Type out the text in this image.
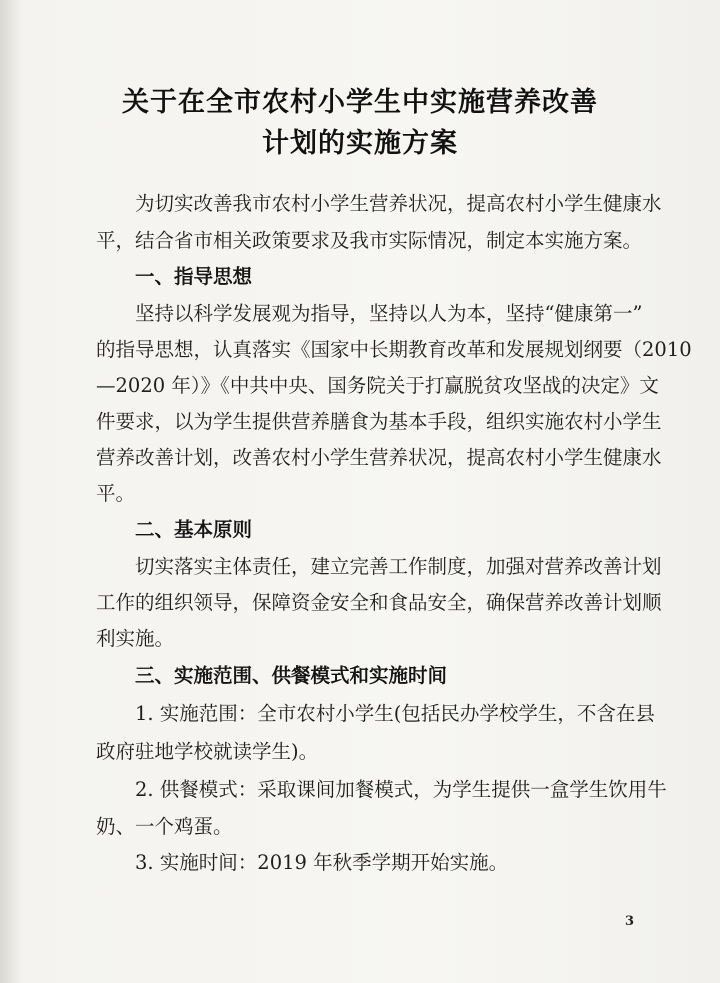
关于在全市农村小学生中实施营养改善
计划的实施方案
为切实改善我市农村小学生营养状况，提高农村小学生健康水
平，结合省市相关政策要求及我市实际情况，制定本实施方案。
一、指导思想
坚持以科学发展观为指导，坚持以人为本，坚持“健康第一”
的指导思想，认真落实《国家中长期教育改革和发展规划纲要（2010
—2020 年）》《中共中央、国务院关于打赢脱贫攻坚战的决定》文
件要求，以为学生提供营养膳食为基本手段，组织实施农村小学生
营养改善计划，改善农村小学生营养状况，提高农村小学生健康水
平。
二、基本原则
切实落实主体责任，建立完善工作制度，加强对营养改善计划
工作的组织领导，保障资金安全和食品安全，确保营养改善计划顺
利实施。
三、实施范围、供餐模式和实施时间
1. 实施范围：全市农村小学生(包括民办学校学生，不含在县
政府驻地学校就读学生)。
2. 供餐模式：采取课间加餐模式，为学生提供一盒学生饮用牛
奶、一个鸡蛋。
3. 实施时间：2019 年秋季学期开始实施。
3
